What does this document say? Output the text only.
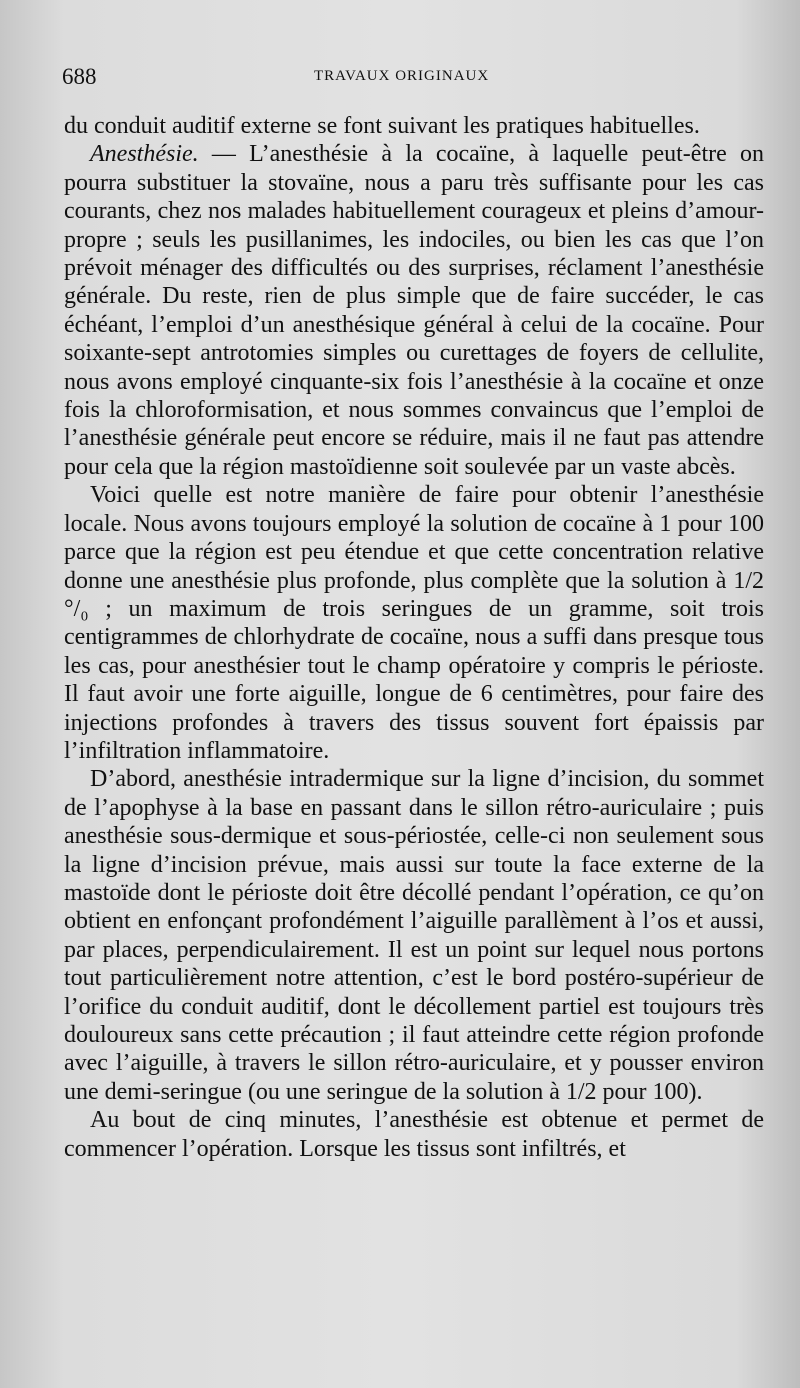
688	TRAVAUX ORIGINAUX

du conduit auditif externe se font suivant les pratiques habituelles.

Anesthésie. — L’anesthésie à la cocaïne, à laquelle peut-être on pourra substituer la stovaïne, nous a paru très suffisante pour les cas courants, chez nos malades habituellement courageux et pleins d’amour-propre ; seuls les pusillanimes, les indociles, ou bien les cas que l’on prévoit ménager des difficultés ou des surprises, réclament l’anesthésie générale. Du reste, rien de plus simple que de faire succéder, le cas échéant, l’emploi d’un anesthésique général à celui de la cocaïne. Pour soixante-sept antrotomies simples ou curettages de foyers de cellulite, nous avons employé cinquante-six fois l’anesthésie à la cocaïne et onze fois la chloroformisation, et nous sommes convaincus que l’emploi de l’anesthésie générale peut encore se réduire, mais il ne faut pas attendre pour cela que la région mastoïdienne soit soulevée par un vaste abcès.

Voici quelle est notre manière de faire pour obtenir l’anesthésie locale. Nous avons toujours employé la solution de cocaïne à 1 pour 100 parce que la région est peu étendue et que cette concentration relative donne une anesthésie plus profonde, plus complète que la solution à 1/2 °/₀ ; un maximum de trois seringues de un gramme, soit trois centigrammes de chlorhydrate de cocaïne, nous a suffi dans presque tous les cas, pour anesthésier tout le champ opératoire y compris le périoste. Il faut avoir une forte aiguille, longue de 6 centimètres, pour faire des injections profondes à travers des tissus souvent fort épaissis par l’infiltration inflammatoire.

D’abord, anesthésie intradermique sur la ligne d’incision, du sommet de l’apophyse à la base en passant dans le sillon rétro-auriculaire ; puis anesthésie sous-dermique et sous-périostée, celle-ci non seulement sous la ligne d’incision prévue, mais aussi sur toute la face externe de la mastoïde dont le périoste doit être décollé pendant l’opération, ce qu’on obtient en enfonçant profondément l’aiguille parallèment à l’os et aussi, par places, perpendiculairement. Il est un point sur lequel nous portons tout particulièrement notre attention, c’est le bord postéro-supérieur de l’orifice du conduit auditif, dont le décollement partiel est toujours très douloureux sans cette précaution ; il faut atteindre cette région profonde avec l’aiguille, à travers le sillon rétro-auriculaire, et y pousser environ une demi-seringue (ou une seringue de la solution à 1/2 pour 100).

Au bout de cinq minutes, l’anesthésie est obtenue et permet de commencer l’opération. Lorsque les tissus sont infiltrés, et
